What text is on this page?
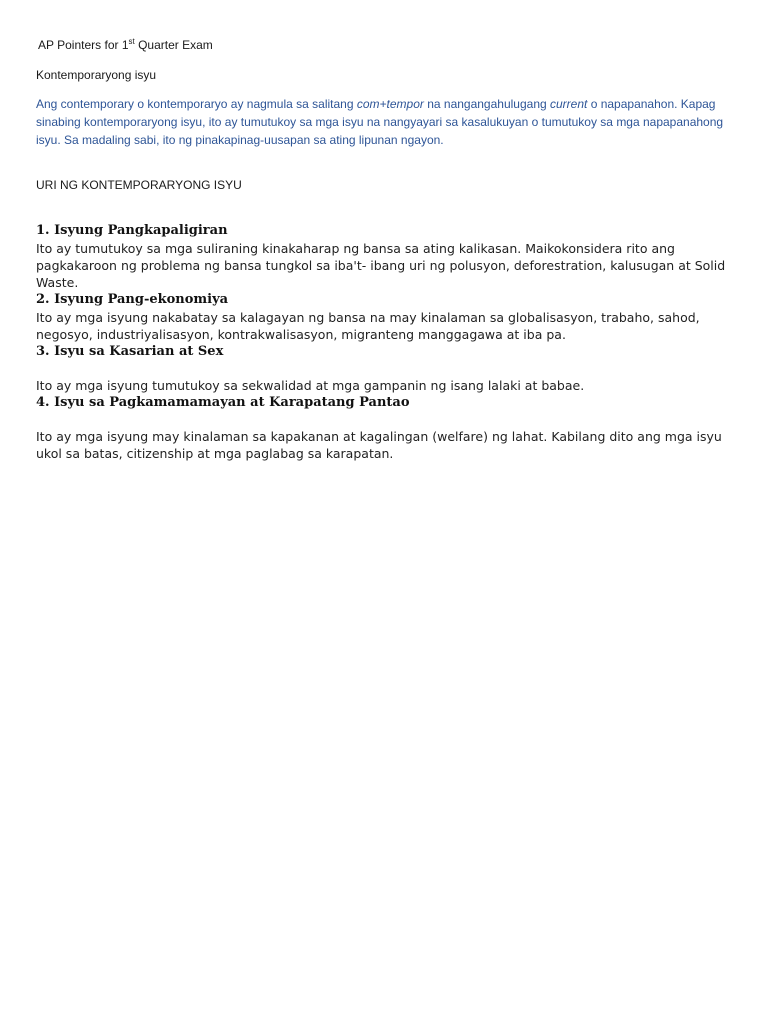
AP Pointers for 1st Quarter Exam
Kontemporaryong isyu
Ang contemporary o kontemporaryo ay nagmula sa salitang com+tempor na nangangahulugang current o napapanahon. Kapag sinabing kontemporaryong isyu, ito ay tumutukoy sa mga isyu na nangyayari sa kasalukuyan o tumutukoy sa mga napapanahong isyu. Sa madaling sabi, ito ng pinakapinag-uusapan sa ating lipunan ngayon.
URI NG KONTEMPORARYONG ISYU
1. Isyung Pangkapaligiran
Ito ay tumutukoy sa mga suliraning kinakaharap ng bansa sa ating kalikasan. Maikokonsidera rito ang pagkakaroon ng problema ng bansa tungkol sa iba't- ibang uri ng polusyon, deforestration, kalusugan at Solid Waste.
2. Isyung Pang-ekonomiya
Ito ay mga isyung nakabatay sa kalagayan ng bansa na may kinalaman sa globalisasyon, trabaho, sahod, negosyo, industriyalisasyon, kontrakwalisasyon, migranteng manggagawa at iba pa.
3. Isyu sa Kasarian at Sex
Ito ay mga isyung tumutukoy sa sekwalidad at mga gampanin ng isang lalaki at babae.
4. Isyu sa Pagkamamamayan at Karapatang Pantao
Ito ay mga isyung may kinalaman sa kapakanan at kagalingan (welfare) ng lahat. Kabilang dito ang mga isyu ukol sa batas, citizenship at mga paglabag sa karapatan.
